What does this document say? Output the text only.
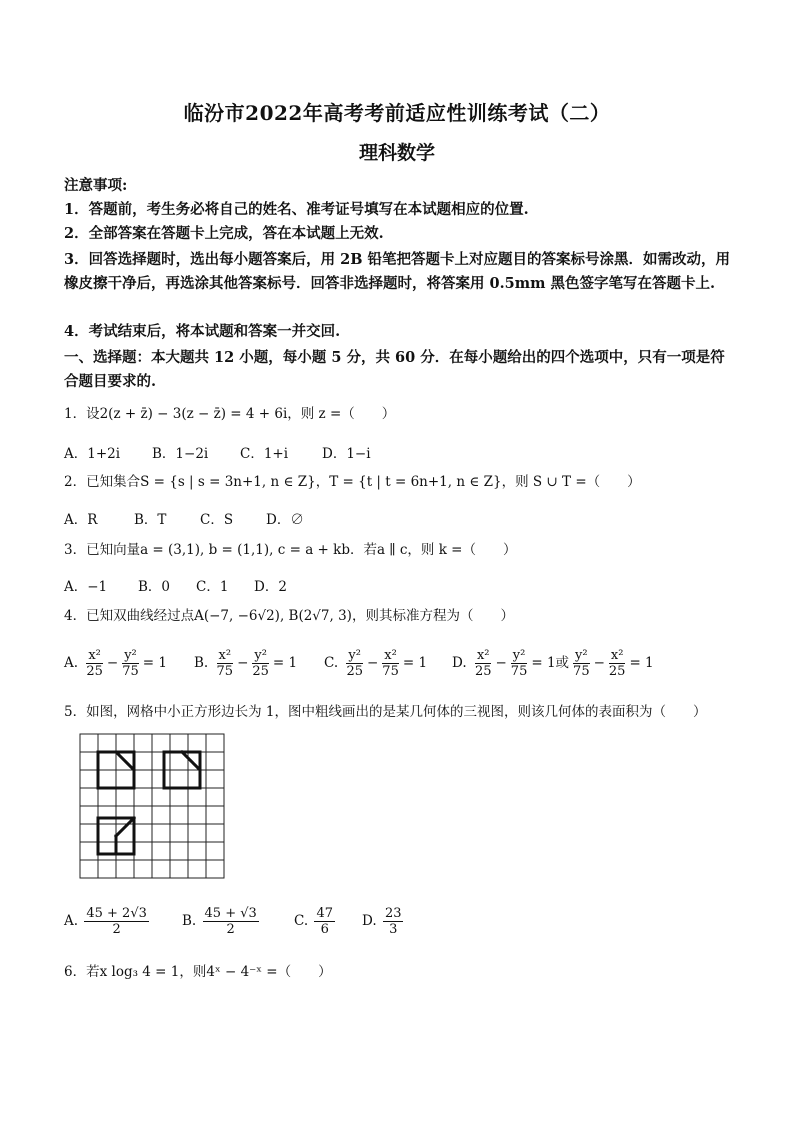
临汾市2022年高考考前适应性训练考试（二）
理科数学
注意事项:
1．答题前，考生务必将自己的姓名、准考证号填写在本试题相应的位置.
2．全部答案在答题卡上完成，答在本试题上无效.
3．回答选择题时，选出每小题答案后，用 2B 铅笔把答题卡上对应题目的答案标号涂黑．如需改动，用橡皮擦干净后，再选涂其他答案标号．回答非选择题时，将答案用 0.5mm 黑色签字笔写在答题卡上.
4．考试结束后，将本试题和答案一并交回.
一、选择题：本大题共 12 小题，每小题 5 分，共 60 分．在每小题给出的四个选项中，只有一项是符合题目要求的.
1．设2(z + z̄) − 3(z − z̄) = 4 + 6i，则 z =（　　）
A．1+2i B．1−2i C．1+i	D．1−i
2．已知集合S = {s | s = 3n+1, n ∈ Z}，T = {t | t = 6n+1, n ∈ Z}，则 S ∪ T =（　　）
A．R	B．T C．S D．∅
3．已知向量a = (3,1), b = (1,1), c = a + kb．若a ∥ c，则 k =（　　）
A．−1 B．0 C．1 D．2
4．已知双曲线经过点A(−7, −6√2), B(2√7, 3)，则其标准方程为（　　）
A. $\frac{\text{x²}}{25} - \frac{\text{y²}}{75} = 1$ B. $\frac{\text{x²}}{75} - \frac{\text{y²}}{25} = 1$ C. $\frac{\text{y²}}{25} - \frac{\text{x²}}{75} = 1$ D. $\frac{\text{x²}}{25} - \frac{\text{y²}}{75} = 1$或 $\frac{\text{y²}}{75} - \frac{\text{x²}}{25} = 1$
5．如图，网格中小正方形边长为 1，图中粗线画出的是某几何体的三视图，则该几何体的表面积为（　　）
A. $\frac{45 + 2√3}{2} B$. $\frac{45 + √3}{2}$	C. $\frac{47}{6} D$. $\frac{23}{3}$
6．若x log₃ 4 = 1，则4ˣ − 4⁻ˣ =（　　）
